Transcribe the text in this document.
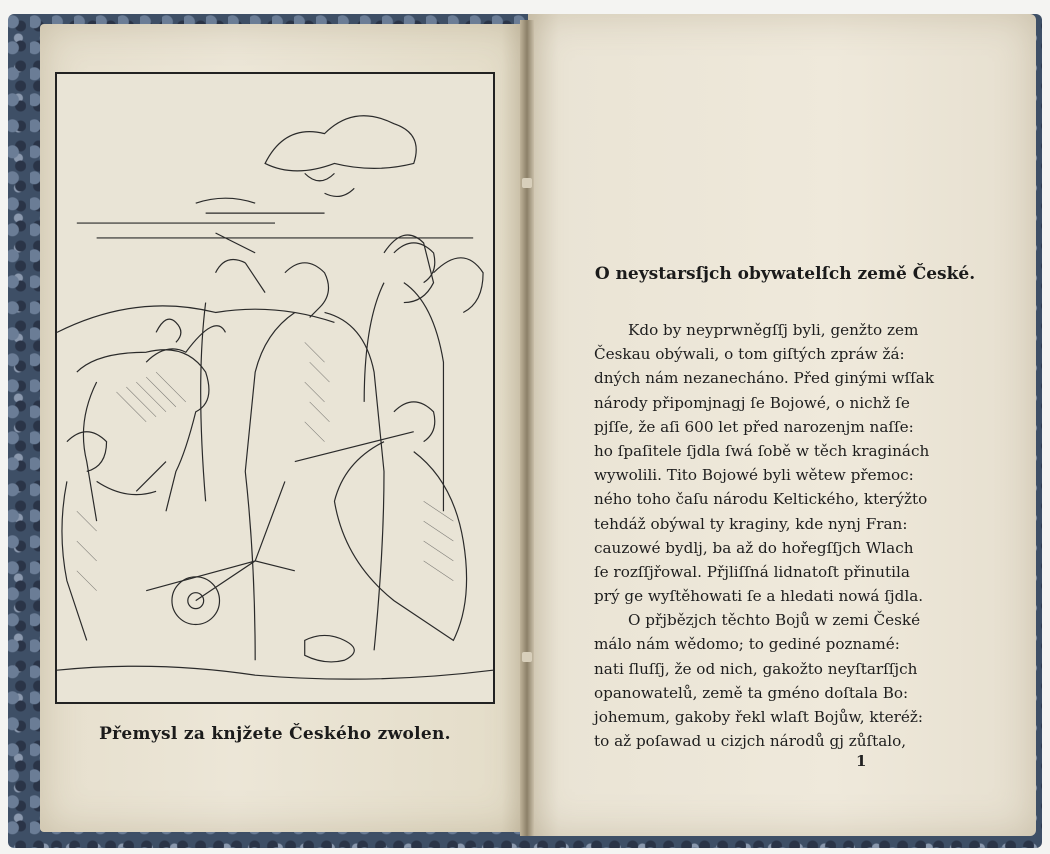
Přemysl za knjžete Českého zwolen.
O neystarsſjch obywatelſch země České.
Kdo by neyprwněgſſj byli, genžto zem
Českau obýwali, o tom giſtých zpráw žá:
dných nám nezanecháno. Před ginými wſſak
národy připomjnagj ſe Bojowé, o nichž ſe
pjſſe, že aſi 600 let před narozenjm naſſe:
ho ſpaſitele ſjdla ſwá ſobě w těch kraginách
wywolili. Tito Bojowé byli wětew přemoc:
ného toho čaſu národu Keltického, kterýžto
tehdáž obýwal ty kraginy, kde nynj Fran:
cauzowé bydlj, ba až do hořegſſjch Wlach
ſe rozſſjřowal. Přjliſſná lidnatoſt přinutila
prý ge wyſtěhowati ſe a hledati nowá ſjdla.
O přjbězjch těchto Bojů w zemi České
málo nám wědomo; to gediné poznamé:
nati ſluſſj, že od nich, gakožto neyſtarſſjch
opanowatelů, země ta gméno doſtala Bo:
johemum, gakoby řekl wlaſt Bojůw, kteréž:
to až poſawad u cizjch národů gj zůſtalo,
1
